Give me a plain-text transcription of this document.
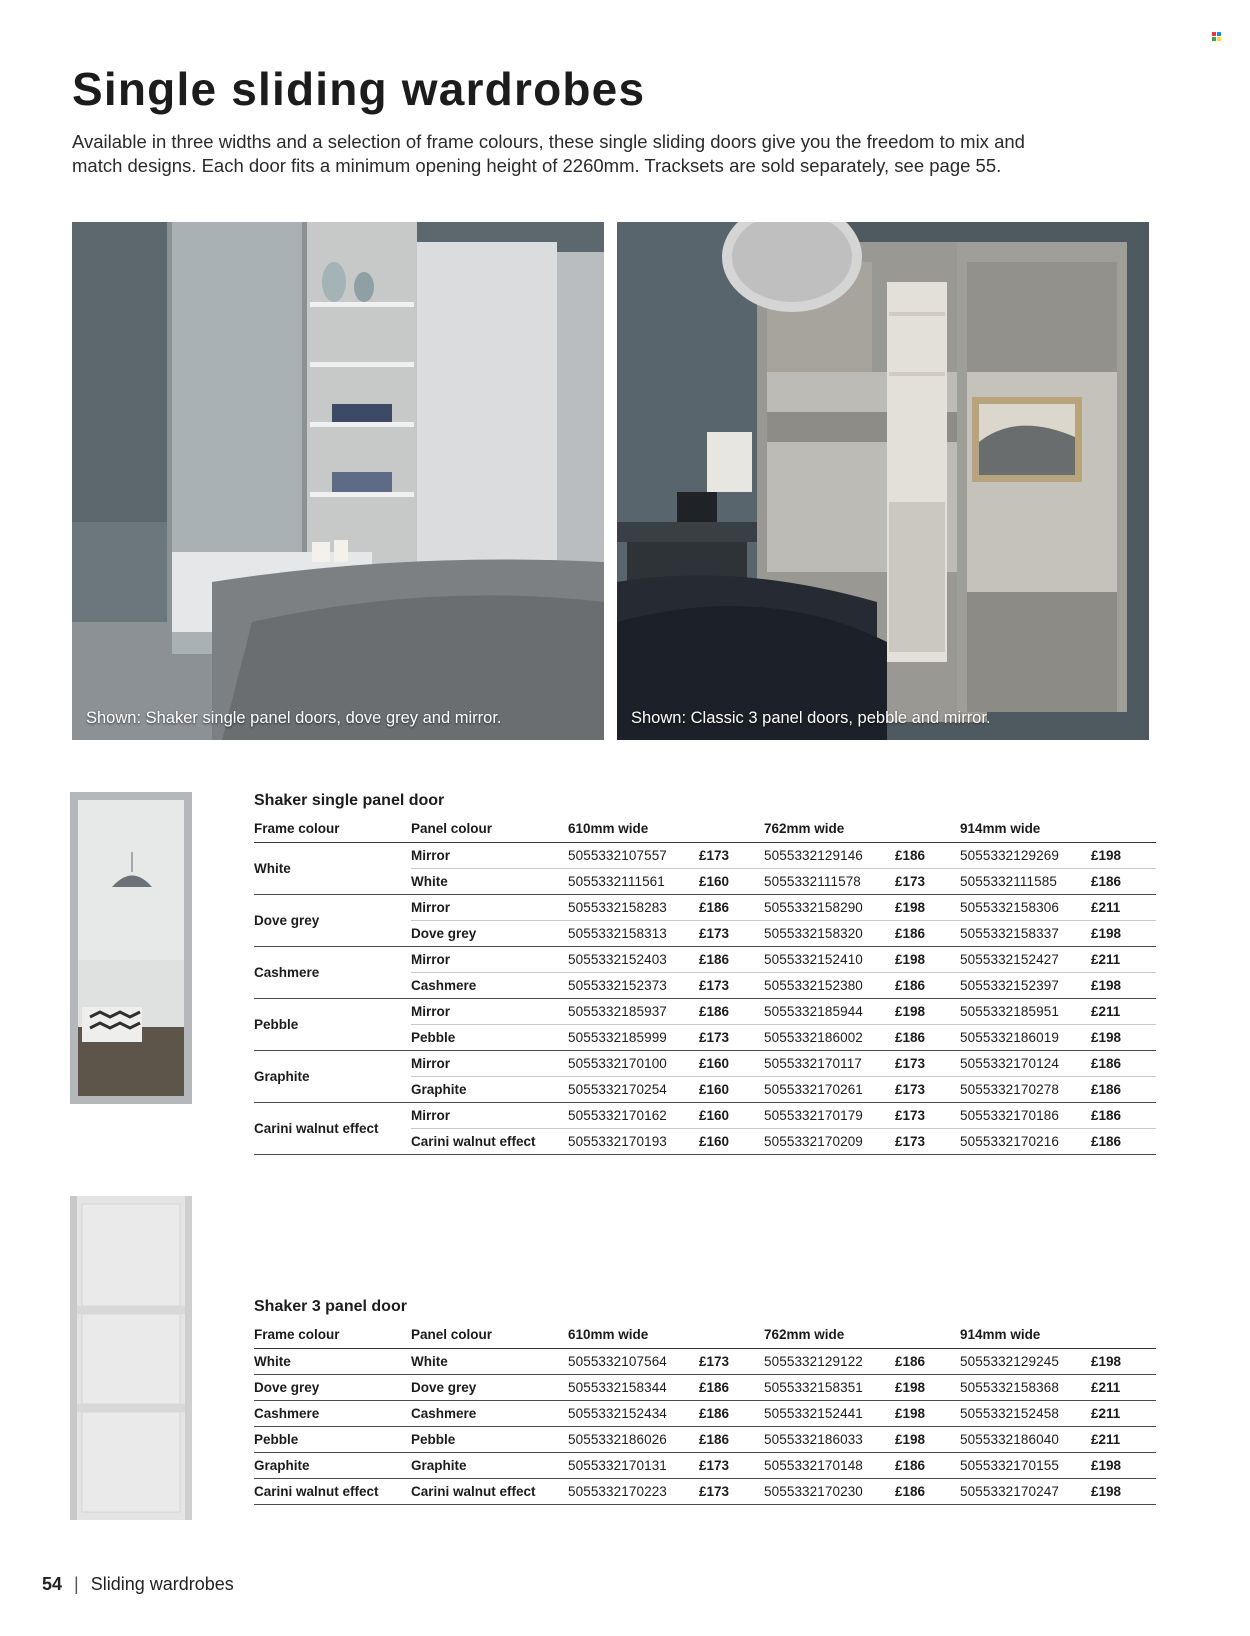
Single sliding wardrobes

Available in three widths and a selection of frame colours, these single sliding doors give you the freedom to mix and match designs. Each door fits a minimum opening height of 2260mm. Tracksets are sold separately, see page 55.

Shown: Shaker single panel doors, dove grey and mirror.	Shown: Classic 3 panel doors, pebble and mirror.
Shaker single panel door
Frame colour	Panel colour	610mm wide		762mm wide		914mm wide	
White	Mirror	5055332107557	£173	5055332129146	£186	5055332129269	£198
	White	5055332111561	£160	5055332111578	£173	5055332111585	£186
Dove grey	Mirror	5055332158283	£186	5055332158290	£198	5055332158306	£211
	Dove grey	5055332158313	£173	5055332158320	£186	5055332158337	£198
Cashmere	Mirror	5055332152403	£186	5055332152410	£198	5055332152427	£211
	Cashmere	5055332152373	£173	5055332152380	£186	5055332152397	£198
Pebble	Mirror	5055332185937	£186	5055332185944	£198	5055332185951	£211
	Pebble	5055332185999	£173	5055332186002	£186	5055332186019	£198
Graphite	Mirror	5055332170100	£160	5055332170117	£173	5055332170124	£186
	Graphite	5055332170254	£160	5055332170261	£173	5055332170278	£186
Carini walnut effect	Mirror	5055332170162	£160	5055332170179	£173	5055332170186	£186
	Carini walnut effect	5055332170193	£160	5055332170209	£173	5055332170216	£186
Shaker 3 panel door
Frame colour	Panel colour	610mm wide		762mm wide		914mm wide	
White	White	5055332107564	£173	5055332129122	£186	5055332129245	£198
Dove grey	Dove grey	5055332158344	£186	5055332158351	£198	5055332158368	£211
Cashmere	Cashmere	5055332152434	£186	5055332152441	£198	5055332152458	£211
Pebble	Pebble	5055332186026	£186	5055332186033	£198	5055332186040	£211
Graphite	Graphite	5055332170131	£173	5055332170148	£186	5055332170155	£198
Carini walnut effect	Carini walnut effect	5055332170223	£173	5055332170230	£186	5055332170247	£198
54 | Sliding wardrobes
